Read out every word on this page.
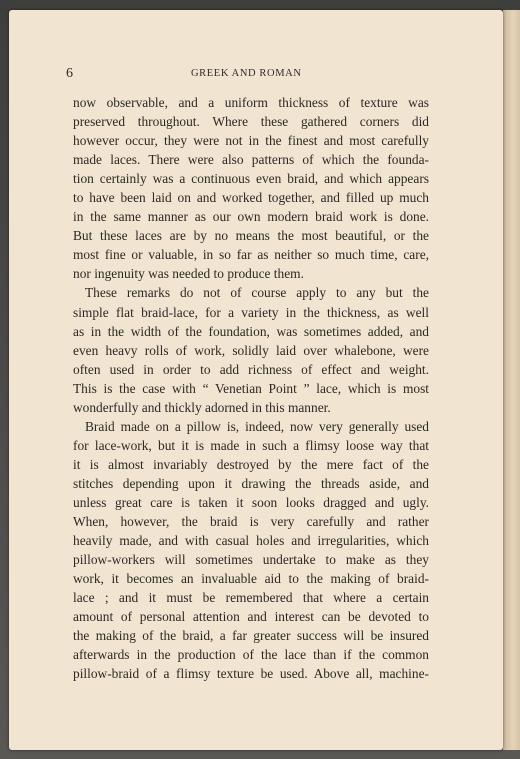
6	GREEK AND ROMAN
now observable, and a uniform thickness of texture was
preserved throughout. Where these gathered corners did
however occur, they were not in the finest and most carefully
made laces. There were also patterns of which the founda-
tion certainly was a continuous even braid, and which appears
to have been laid on and worked together, and filled up much
in the same manner as our own modern braid work is done.
But these laces are by no means the most beautiful, or the
most fine or valuable, in so far as neither so much time, care,
nor ingenuity was needed to produce them.
These remarks do not of course apply to any but the
simple flat braid-lace, for a variety in the thickness, as well
as in the width of the foundation, was sometimes added, and
even heavy rolls of work, solidly laid over whalebone, were
often used in order to add richness of effect and weight.
This is the case with “ Venetian Point ” lace, which is most
wonderfully and thickly adorned in this manner.
Braid made on a pillow is, indeed, now very generally used
for lace-work, but it is made in such a flimsy loose way that
it is almost invariably destroyed by the mere fact of the
stitches depending upon it drawing the threads aside, and
unless great care is taken it soon looks dragged and ugly.
When, however, the braid is very carefully and rather
heavily made, and with casual holes and irregularities, which
pillow-workers will sometimes undertake to make as they
work, it becomes an invaluable aid to the making of braid-
lace ; and it must be remembered that where a certain
amount of personal attention and interest can be devoted to
the making of the braid, a far greater success will be insured
afterwards in the production of the lace than if the common
pillow-braid of a flimsy texture be used. Above all, machine-
